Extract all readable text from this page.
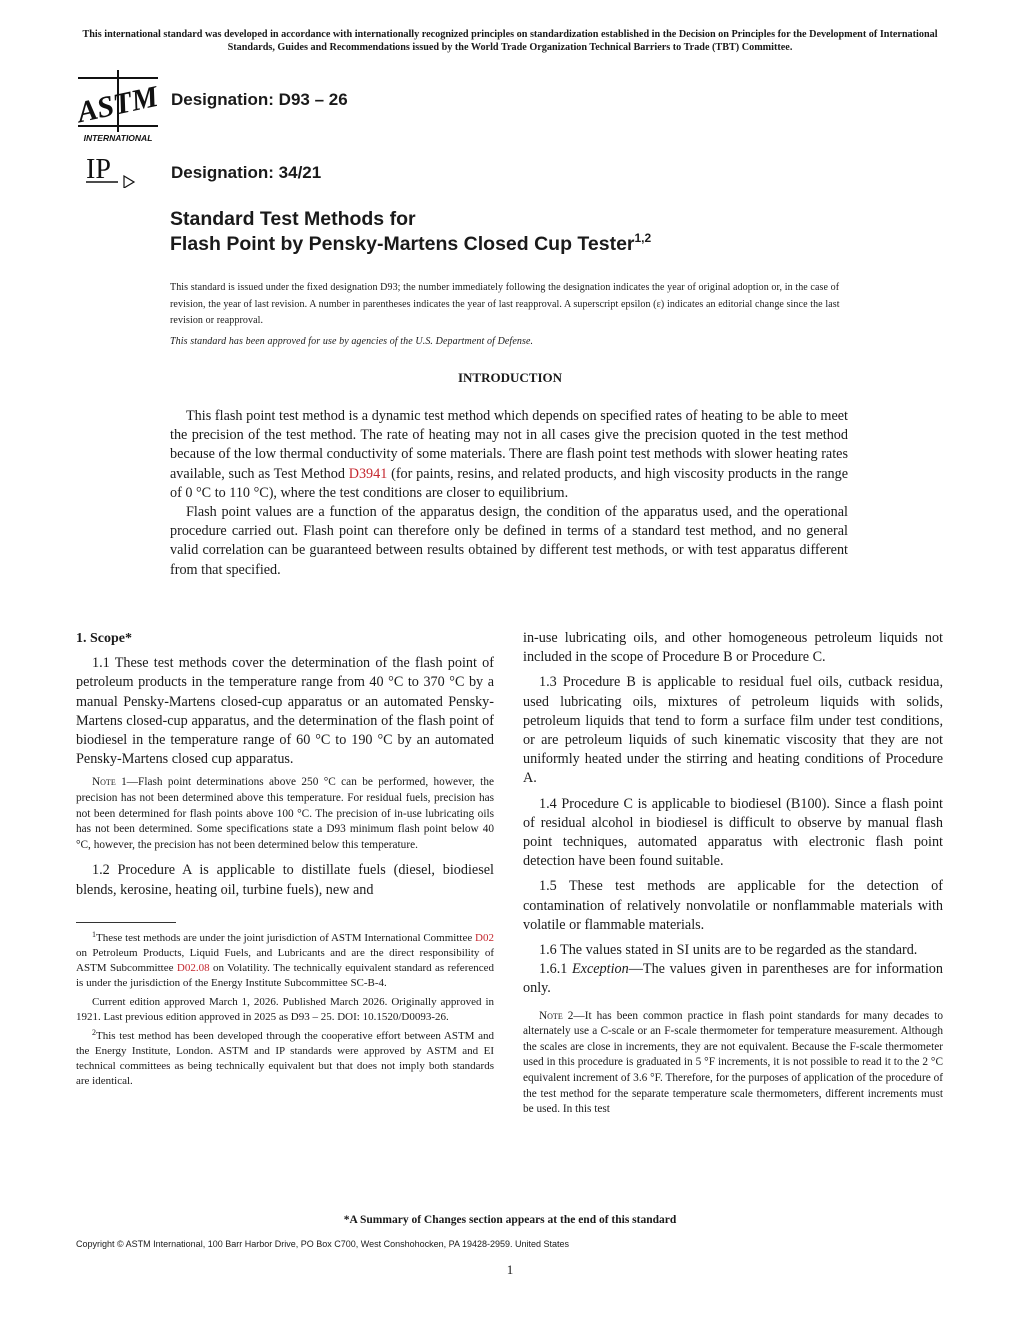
This international standard was developed in accordance with internationally recognized principles on standardization established in the Decision on Principles for the Development of International Standards, Guides and Recommendations issued by the World Trade Organization Technical Barriers to Trade (TBT) Committee.
ASTM
INTERNATIONAL
Designation: D93 – 26
IP	Designation: 34/21
Standard Test Methods for
Flash Point by Pensky-Martens Closed Cup Tester$^{1,2}$
This standard is issued under the fixed designation D93; the number immediately following the designation indicates the year of original adoption or, in the case of revision, the year of last revision. A number in parentheses indicates the year of last reapproval. A superscript epsilon (ε) indicates an editorial change since the last revision or reapproval.
This standard has been approved for use by agencies of the U.S. Department of Defense.
INTRODUCTION

This flash point test method is a dynamic test method which depends on specified rates of heating to be able to meet the precision of the test method. The rate of heating may not in all cases give the precision quoted in the test method because of the low thermal conductivity of some materials. There are flash point test methods with slower heating rates available, such as Test Method D3941 (for paints, resins, and related products, and high viscosity products in the range of 0 °C to 110 °C), where the test conditions are closer to equilibrium.

Flash point values are a function of the apparatus design, the condition of the apparatus used, and the operational procedure carried out. Flash point can therefore only be defined in terms of a standard test method, and no general valid correlation can be guaranteed between results obtained by different test methods, or with test apparatus different from that specified.

1. Scope*

1.1 These test methods cover the determination of the flash point of petroleum products in the temperature range from 40 °C to 370 °C by a manual Pensky-Martens closed-cup apparatus or an automated Pensky-Martens closed-cup apparatus, and the determination of the flash point of biodiesel in the temperature range of 60 °C to 190 °C by an automated Pensky-Martens closed cup apparatus.

Note 1—Flash point determinations above 250 °C can be performed, however, the precision has not been determined above this temperature. For residual fuels, precision has not been determined for flash points above 100 °C. The precision of in-use lubricating oils has not been determined. Some specifications state a D93 minimum flash point below 40 °C, however, the precision has not been determined below this temperature.

1.2 Procedure A is applicable to distillate fuels (diesel, biodiesel blends, kerosine, heating oil, turbine fuels), new and

$^1$These test methods are under the joint jurisdiction of ASTM International Committee D02 on Petroleum Products, Liquid Fuels, and Lubricants and are the direct responsibility of ASTM Subcommittee D02.08 on Volatility. The technically equivalent standard as referenced is under the jurisdiction of the Energy Institute Subcommittee SC-B-4.
Current edition approved March 1, 2026. Published March 2026. Originally approved in 1921. Last previous edition approved in 2025 as D93 – 25. DOI: 10.1520/D0093-26.
$^2$This test method has been developed through the cooperative effort between ASTM and the Energy Institute, London. ASTM and IP standards were approved by ASTM and EI technical committees as being technically equivalent but that does not imply both standards are identical.

in-use lubricating oils, and other homogeneous petroleum liquids not included in the scope of Procedure B or Procedure C.

1.3 Procedure B is applicable to residual fuel oils, cutback residua, used lubricating oils, mixtures of petroleum liquids with solids, petroleum liquids that tend to form a surface film under test conditions, or are petroleum liquids of such kinematic viscosity that they are not uniformly heated under the stirring and heating conditions of Procedure A.

1.4 Procedure C is applicable to biodiesel (B100). Since a flash point of residual alcohol in biodiesel is difficult to observe by manual flash point techniques, automated apparatus with electronic flash point detection have been found suitable.

1.5 These test methods are applicable for the detection of contamination of relatively nonvolatile or nonflammable materials with volatile or flammable materials.

1.6 The values stated in SI units are to be regarded as the standard.

1.6.1 Exception—The values given in parentheses are for information only.

Note 2—It has been common practice in flash point standards for many decades to alternately use a C-scale or an F-scale thermometer for temperature measurement. Although the scales are close in increments, they are not equivalent. Because the F-scale thermometer used in this procedure is graduated in 5 °F increments, it is not possible to read it to the 2 °C equivalent increment of 3.6 °F. Therefore, for the purposes of application of the procedure of the test method for the separate temperature scale thermometers, different increments must be used. In this test
*A Summary of Changes section appears at the end of this standard
Copyright © ASTM International, 100 Barr Harbor Drive, PO Box C700, West Conshohocken, PA 19428-2959. United States
1
